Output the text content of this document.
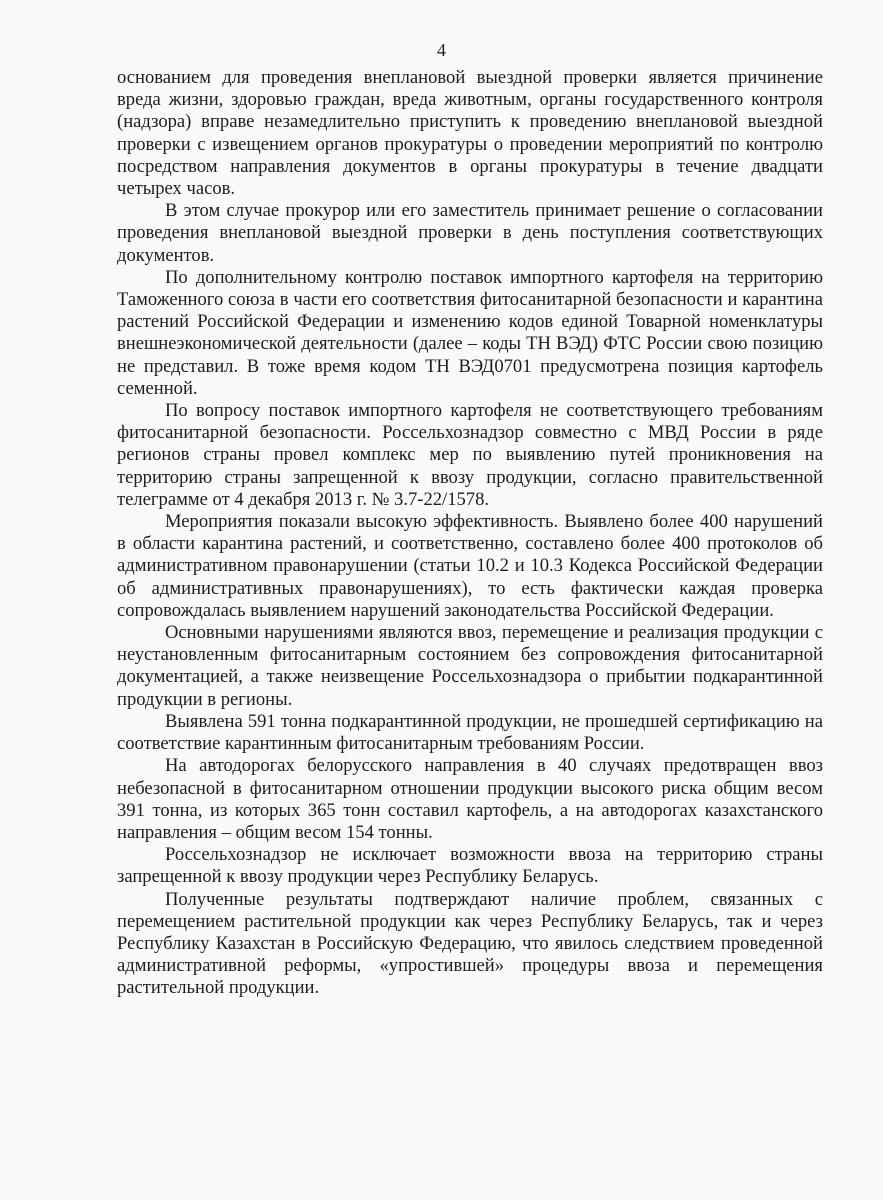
4

основанием для проведения внеплановой выездной проверки является причинение вреда жизни, здоровью граждан, вреда животным, органы государственного контроля (надзора) вправе незамедлительно приступить к проведению внеплановой выездной проверки с извещением органов прокуратуры о проведении мероприятий по контролю посредством направления документов в органы прокуратуры в течение двадцати четырех часов.

В этом случае прокурор или его заместитель принимает решение о согласовании проведения внеплановой выездной проверки в день поступления соответствующих документов.

По дополнительному контролю поставок импортного картофеля на территорию Таможенного союза в части его соответствия фитосанитарной безопасности и карантина растений Российской Федерации и изменению кодов единой Товарной номенклатуры внешнеэкономической деятельности (далее – коды ТН ВЭД) ФТС России свою позицию не представил. В тоже время кодом ТН ВЭД0701 предусмотрена позиция картофель семенной.

По вопросу поставок импортного картофеля не соответствующего требованиям фитосанитарной безопасности. Россельхознадзор совместно с МВД России в ряде регионов страны провел комплекс мер по выявлению путей проникновения на территорию страны запрещенной к ввозу продукции, согласно правительственной телеграмме от 4 декабря 2013 г. № 3.7-22/1578.

Мероприятия показали высокую эффективность. Выявлено более 400 нарушений в области карантина растений, и соответственно, составлено более 400 протоколов об административном правонарушении (статьи 10.2 и 10.3 Кодекса Российской Федерации об административных правонарушениях), то есть фактически каждая проверка сопровождалась выявлением нарушений законодательства Российской Федерации.

Основными нарушениями являются ввоз, перемещение и реализация продукции с неустановленным фитосанитарным состоянием без сопровождения фитосанитарной документацией, а также неизвещение Россельхознадзора о прибытии подкарантинной продукции в регионы.

Выявлена 591 тонна подкарантинной продукции, не прошедшей сертификацию на соответствие карантинным фитосанитарным требованиям России.

На автодорогах белорусского направления в 40 случаях предотвращен ввоз небезопасной в фитосанитарном отношении продукции высокого риска общим весом 391 тонна, из которых 365 тонн составил картофель, а на автодорогах казахстанского направления – общим весом 154 тонны.

Россельхознадзор не исключает возможности ввоза на территорию страны запрещенной к ввозу продукции через Республику Беларусь.

Полученные результаты подтверждают наличие проблем, связанных с перемещением растительной продукции как через Республику Беларусь, так и через Республику Казахстан в Российскую Федерацию, что явилось следствием проведенной административной реформы, «упростившей» процедуры ввоза и перемещения растительной продукции.
